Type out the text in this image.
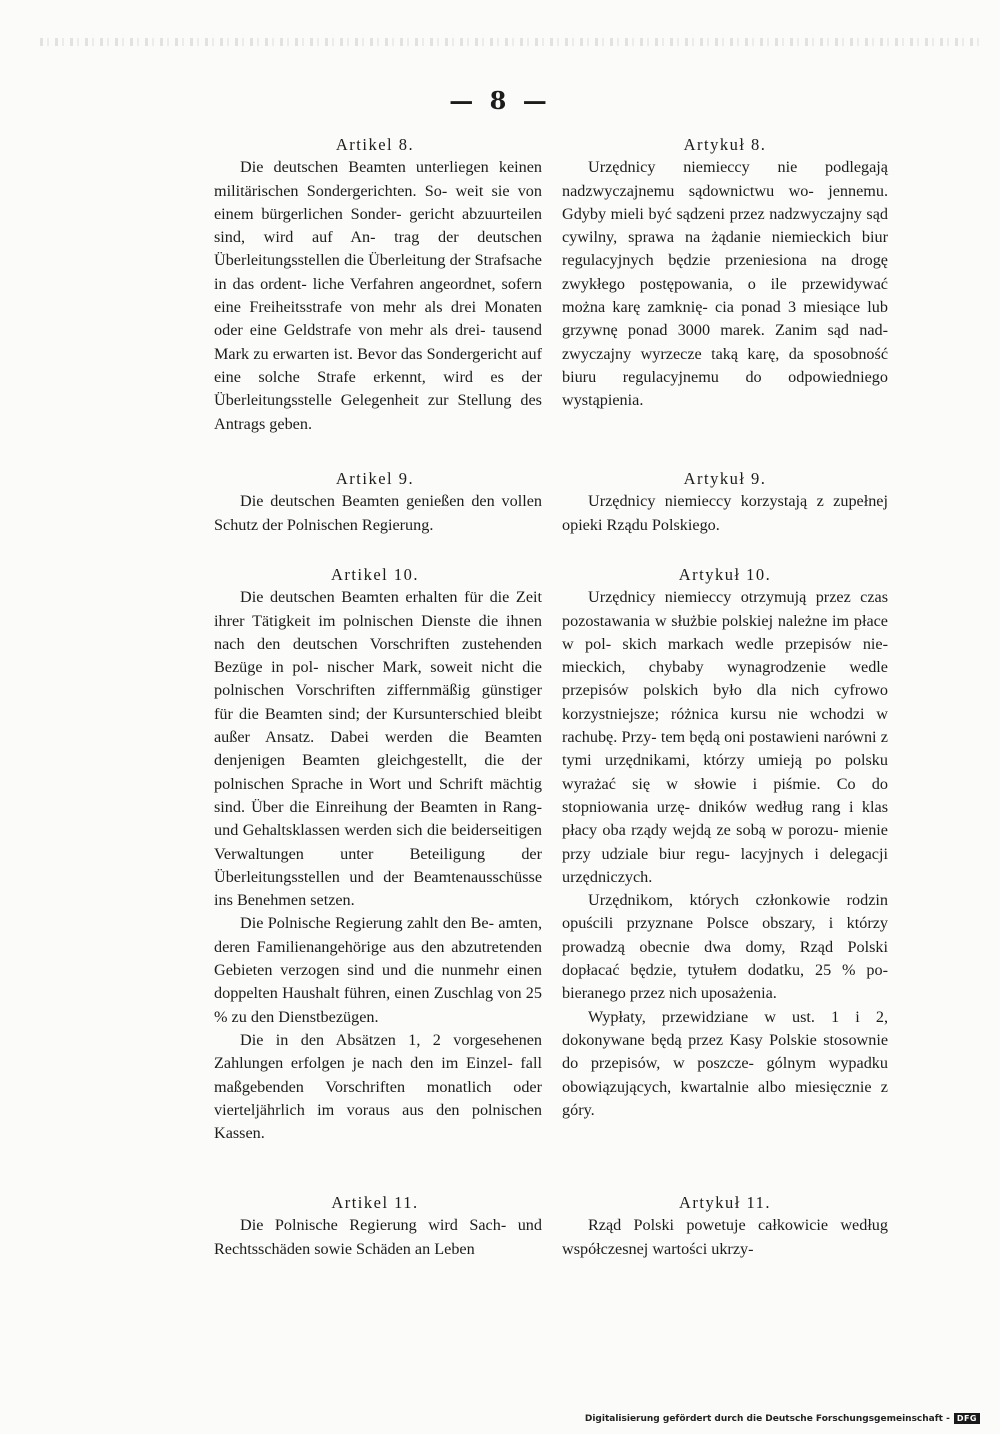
— 8 —
Artikel 8.

Die deutschen Beamten unterliegen keinen militärischen Sondergerichten. So- weit sie von einem bürgerlichen Sonder- gericht abzuurteilen sind, wird auf An- trag der deutschen Überleitungsstellen die Überleitung der Strafsache in das ordent- liche Verfahren angeordnet, sofern eine Freiheitsstrafe von mehr als drei Monaten oder eine Geldstrafe von mehr als drei- tausend Mark zu erwarten ist. Bevor das Sondergericht auf eine solche Strafe erkennt, wird es der Überleitungsstelle Gelegenheit zur Stellung des Antrags geben.

Artikel 9.

Die deutschen Beamten genießen den vollen Schutz der Polnischen Regierung.

Artikel 10.

Die deutschen Beamten erhalten für die Zeit ihrer Tätigkeit im polnischen Dienste die ihnen nach den deutschen Vorschriften zustehenden Bezüge in pol- nischer Mark, soweit nicht die polnischen Vorschriften ziffernmäßig günstiger für die Beamten sind; der Kursunterschied bleibt außer Ansatz. Dabei werden die Beamten denjenigen Beamten gleichgestellt, die der polnischen Sprache in Wort und Schrift mächtig sind. Über die Einreihung der Beamten in Rang- und Gehaltsklassen werden sich die beiderseitigen Verwaltungen unter Beteiligung der Überleitungsstellen und der Beamtenausschüsse ins Benehmen setzen.

Die Polnische Regierung zahlt den Be- amten, deren Familienangehörige aus den abzutretenden Gebieten verzogen sind und die nunmehr einen doppelten Haushalt führen, einen Zuschlag von 25 % zu den Dienstbezügen.

Die in den Absätzen 1, 2 vorgesehenen Zahlungen erfolgen je nach den im Einzel- fall maßgebenden Vorschriften monatlich oder vierteljährlich im voraus aus den polnischen Kassen.

Artikel 11.

Die Polnische Regierung wird Sach- und Rechtsschäden sowie Schäden an Leben

Artykuł 8.

Urzędnicy niemieccy nie podlegają nadzwyczajnemu sądownictwu wo- jennemu. Gdyby mieli być sądzeni przez nadzwyczajny sąd cywilny, sprawa na żądanie niemieckich biur regulacyjnych będzie przeniesiona na drogę zwykłego postępowania, o ile przewidywać można karę zamknię- cia ponad 3 miesiące lub grzywnę ponad 3000 marek. Zanim sąd nad- zwyczajny wyrzecze taką karę, da sposobność biuru regulacyjnemu do odpowiedniego wystąpienia.

Artykuł 9.

Urzędnicy niemieccy korzystają z zupełnej opieki Rządu Polskiego.

Artykuł 10.

Urzędnicy niemieccy otrzymują przez czas pozostawania w służbie polskiej należne im płace w pol- skich markach wedle przepisów nie- mieckich, chybaby wynagrodzenie wedle przepisów polskich było dla nich cyfrowo korzystniejsze; różnica kursu nie wchodzi w rachubę. Przy- tem będą oni postawieni narówni z tymi urzędnikami, którzy umieją po polsku wyrażać się w słowie i piśmie. Co do stopniowania urzę- dników według rang i klas płacy oba rządy wejdą ze sobą w porozu- mienie przy udziale biur regu- lacyjnych i delegacji urzędniczych.

Urzędnikom, których członkowie rodzin opuścili przyznane Polsce obszary, i którzy prowadzą obecnie dwa domy, Rząd Polski dopłacać będzie, tytułem dodatku, 25 % po- bieranego przez nich uposażenia.

Wypłaty, przewidziane w ust. 1 i 2, dokonywane będą przez Kasy Polskie stosownie do przepisów, w poszcze- gólnym wypadku obowiązujących, kwartalnie albo miesięcznie z góry.

Artykuł 11.

Rząd Polski powetuje całkowicie według współczesnej wartości ukrzy-

Digitalisierung gefördert durch die Deutsche Forschungsgemeinschaft - DFG
